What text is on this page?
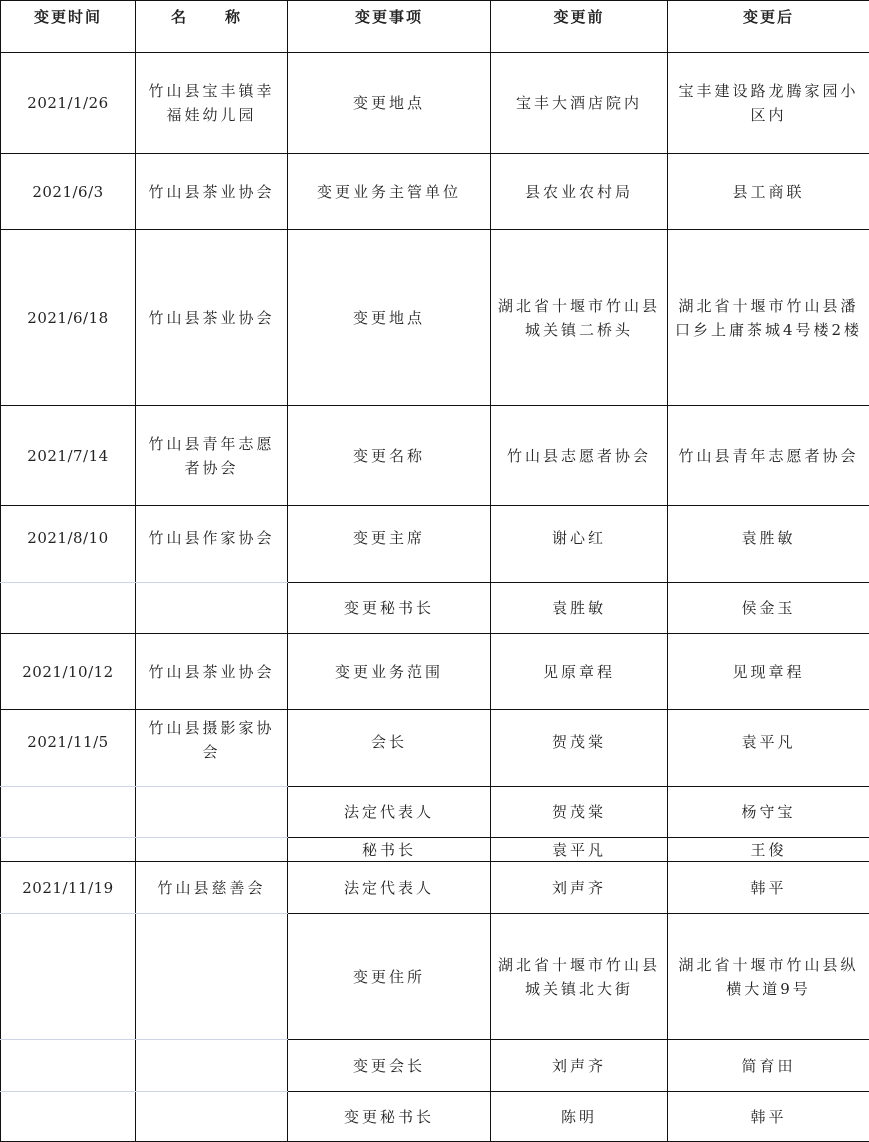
变更时间	名　称	变更事项	变更前	变更后
2021/1/26	竹山县宝丰镇幸福娃幼儿园	变更地点	宝丰大酒店院内	宝丰建设路龙腾家园小区内
2021/6/3	竹山县茶业协会	变更业务主管单位	县农业农村局	县工商联
2021/6/18	竹山县茶业协会	变更地点	湖北省十堰市竹山县城关镇二桥头	湖北省十堰市竹山县潘口乡上庸茶城4号楼2楼
2021/7/14	竹山县青年志愿者协会	变更名称	竹山县志愿者协会	竹山县青年志愿者协会
2021/8/10	竹山县作家协会	变更主席	谢心红	袁胜敏
		变更秘书长	袁胜敏	侯金玉
2021/10/12	竹山县茶业协会	变更业务范围	见原章程	见现章程
2021/11/5	竹山县摄影家协会	会长	贺茂棠	袁平凡
		法定代表人	贺茂棠	杨守宝
		秘书长	袁平凡	王俊
2021/11/19	竹山县慈善会	法定代表人	刘声齐	韩平
		变更住所	湖北省十堰市竹山县城关镇北大街	湖北省十堰市竹山县纵横大道9号
		变更会长	刘声齐	简育田
		变更秘书长	陈明	韩平
